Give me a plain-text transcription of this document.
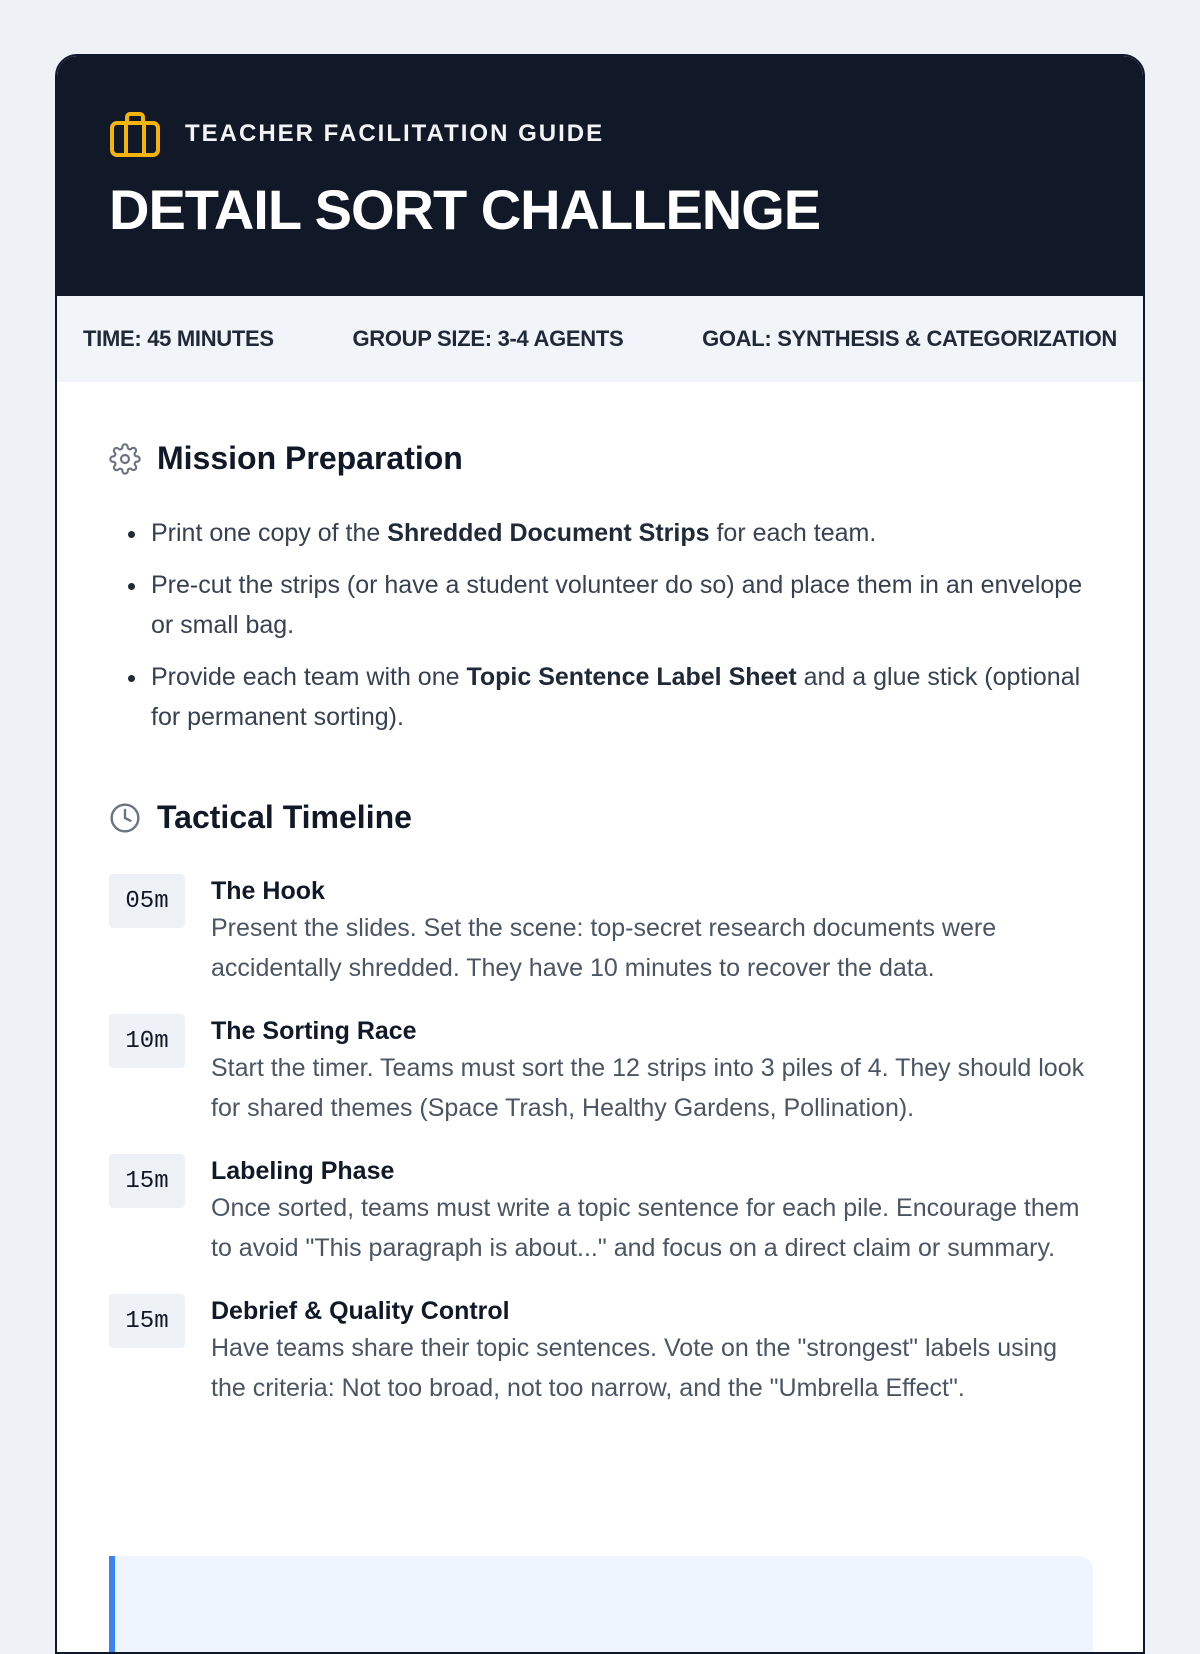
TEACHER FACILITATION GUIDE
DETAIL SORT CHALLENGE
TIME: 45 MINUTES	GROUP SIZE: 3-4 AGENTS	GOAL: SYNTHESIS & CATEGORIZATION
Mission Preparation
• Print one copy of the Shredded Document Strips for each team.
• Pre-cut the strips (or have a student volunteer do so) and place them in an envelope or small bag.
• Provide each team with one Topic Sentence Label Sheet and a glue stick (optional for permanent sorting).
Tactical Timeline
05m	The Hook
Present the slides. Set the scene: top-secret research documents were accidentally shredded. They have 10 minutes to recover the data.
10m	The Sorting Race
Start the timer. Teams must sort the 12 strips into 3 piles of 4. They should look for shared themes (Space Trash, Healthy Gardens, Pollination).
15m	Labeling Phase
Once sorted, teams must write a topic sentence for each pile. Encourage them to avoid "This paragraph is about..." and focus on a direct claim or summary.
15m	Debrief & Quality Control
Have teams share their topic sentences. Vote on the "strongest" labels using the criteria: Not too broad, not too narrow, and the "Umbrella Effect".
